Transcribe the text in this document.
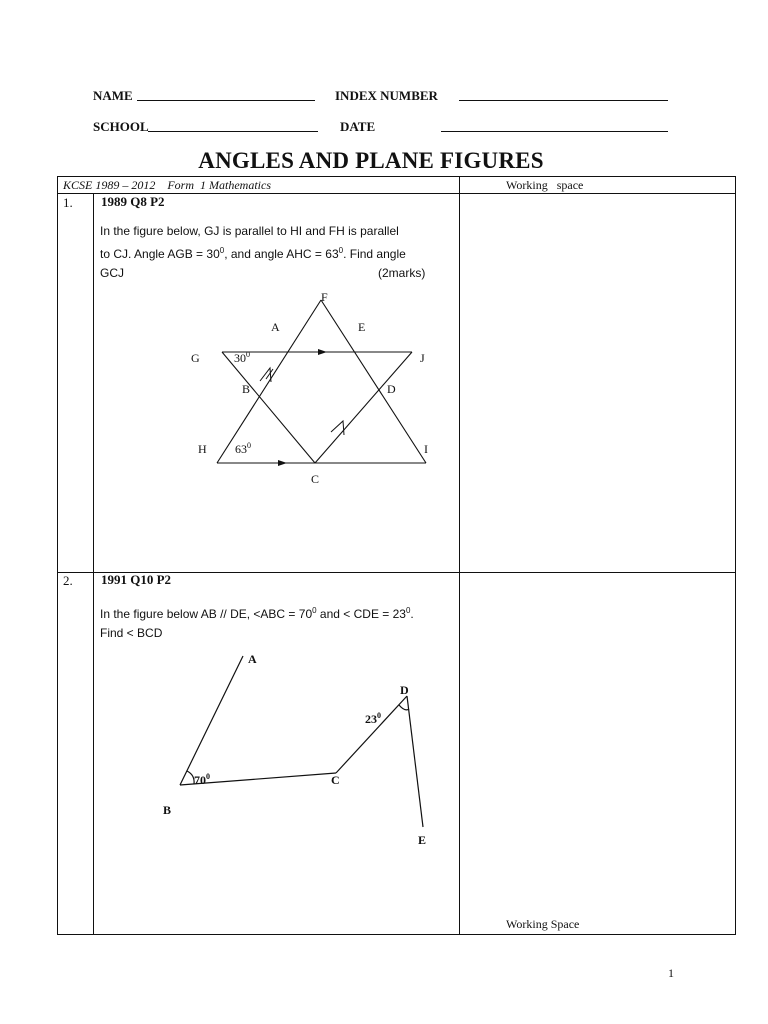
NAME	INDEX NUMBER
SCHOOL	DATE
ANGLES AND PLANE FIGURES
KCSE 1989 – 2012    Form  1 Mathematics	Working   space
1. 1989 Q8 P2
In the figure below, GJ is parallel to HI and FH is parallel
to CJ. Angle AGB = $30^0$, and angle AHC = $63^0$. Find angle
GCJ	(2marks)
2. 1991 Q10 P2
In the figure below AB // DE, $<ABC = 70^0$ and < CDE = $23^0$.
Find < BCD
Working Space
F
A	E
G	J
B	D
H	I
C
$30^0$
$63^0$
A
D
B
C
E
$70^0$
$23^0$
1
